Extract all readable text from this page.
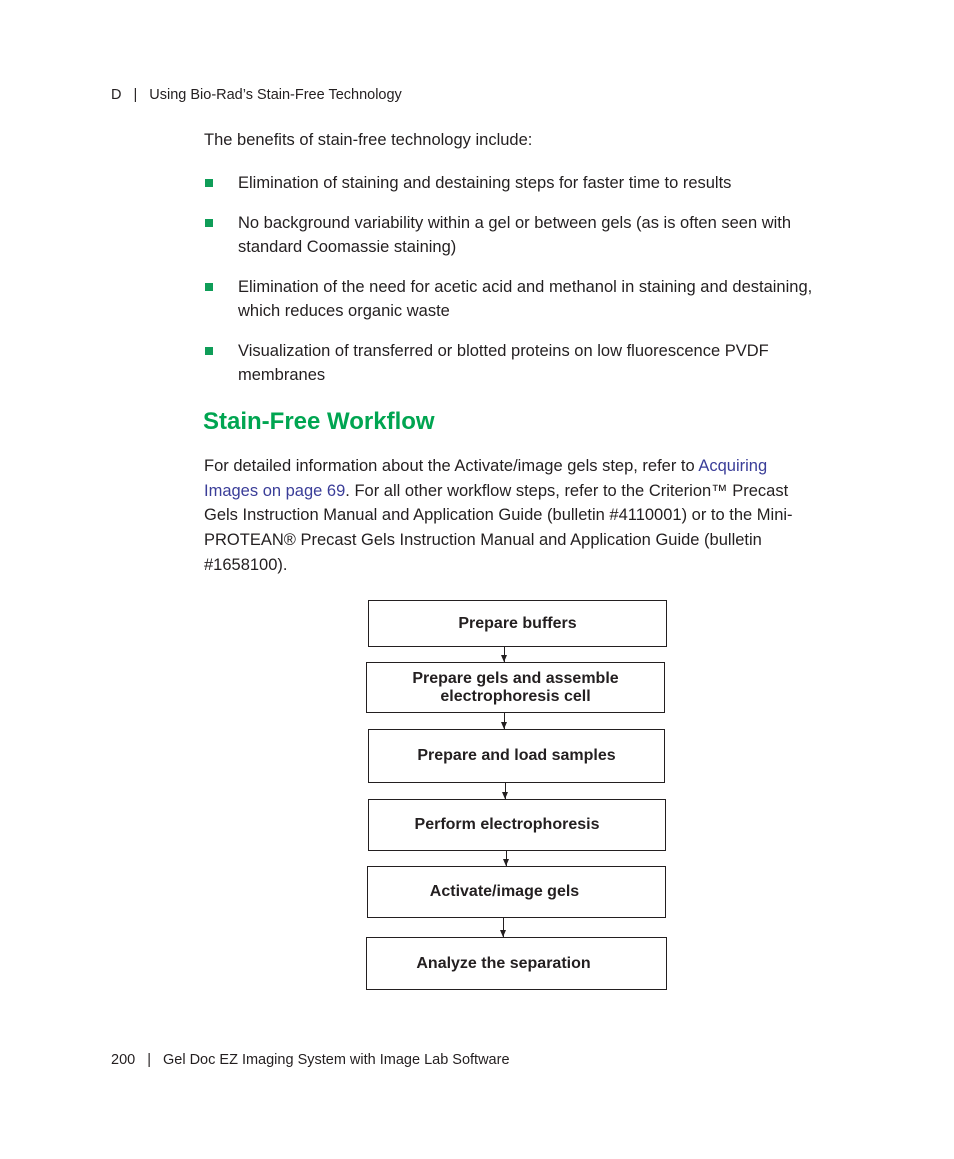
D | Using Bio-Rad’s Stain-Free Technology
The benefits of stain-free technology include:
Elimination of staining and destaining steps for faster time to results
No background variability within a gel or between gels (as is often seen with standard Coomassie staining)
Elimination of the need for acetic acid and methanol in staining and destaining, which reduces organic waste
Visualization of transferred or blotted proteins on low fluorescence PVDF membranes
Stain-Free Workflow

For detailed information about the Activate/image gels step, refer to Acquiring Images on page 69. For all other workflow steps, refer to the Criterion™ Precast Gels Instruction Manual and Application Guide (bulletin #4110001) or to the Mini-PROTEAN® Precast Gels Instruction Manual and Application Guide (bulletin #1658100).

Prepare buffers
Prepare gels and assemble electrophoresis cell
Prepare and load samples
Perform electrophoresis
Activate/image gels
Analyze the separation
200 | Gel Doc EZ Imaging System with Image Lab Software
